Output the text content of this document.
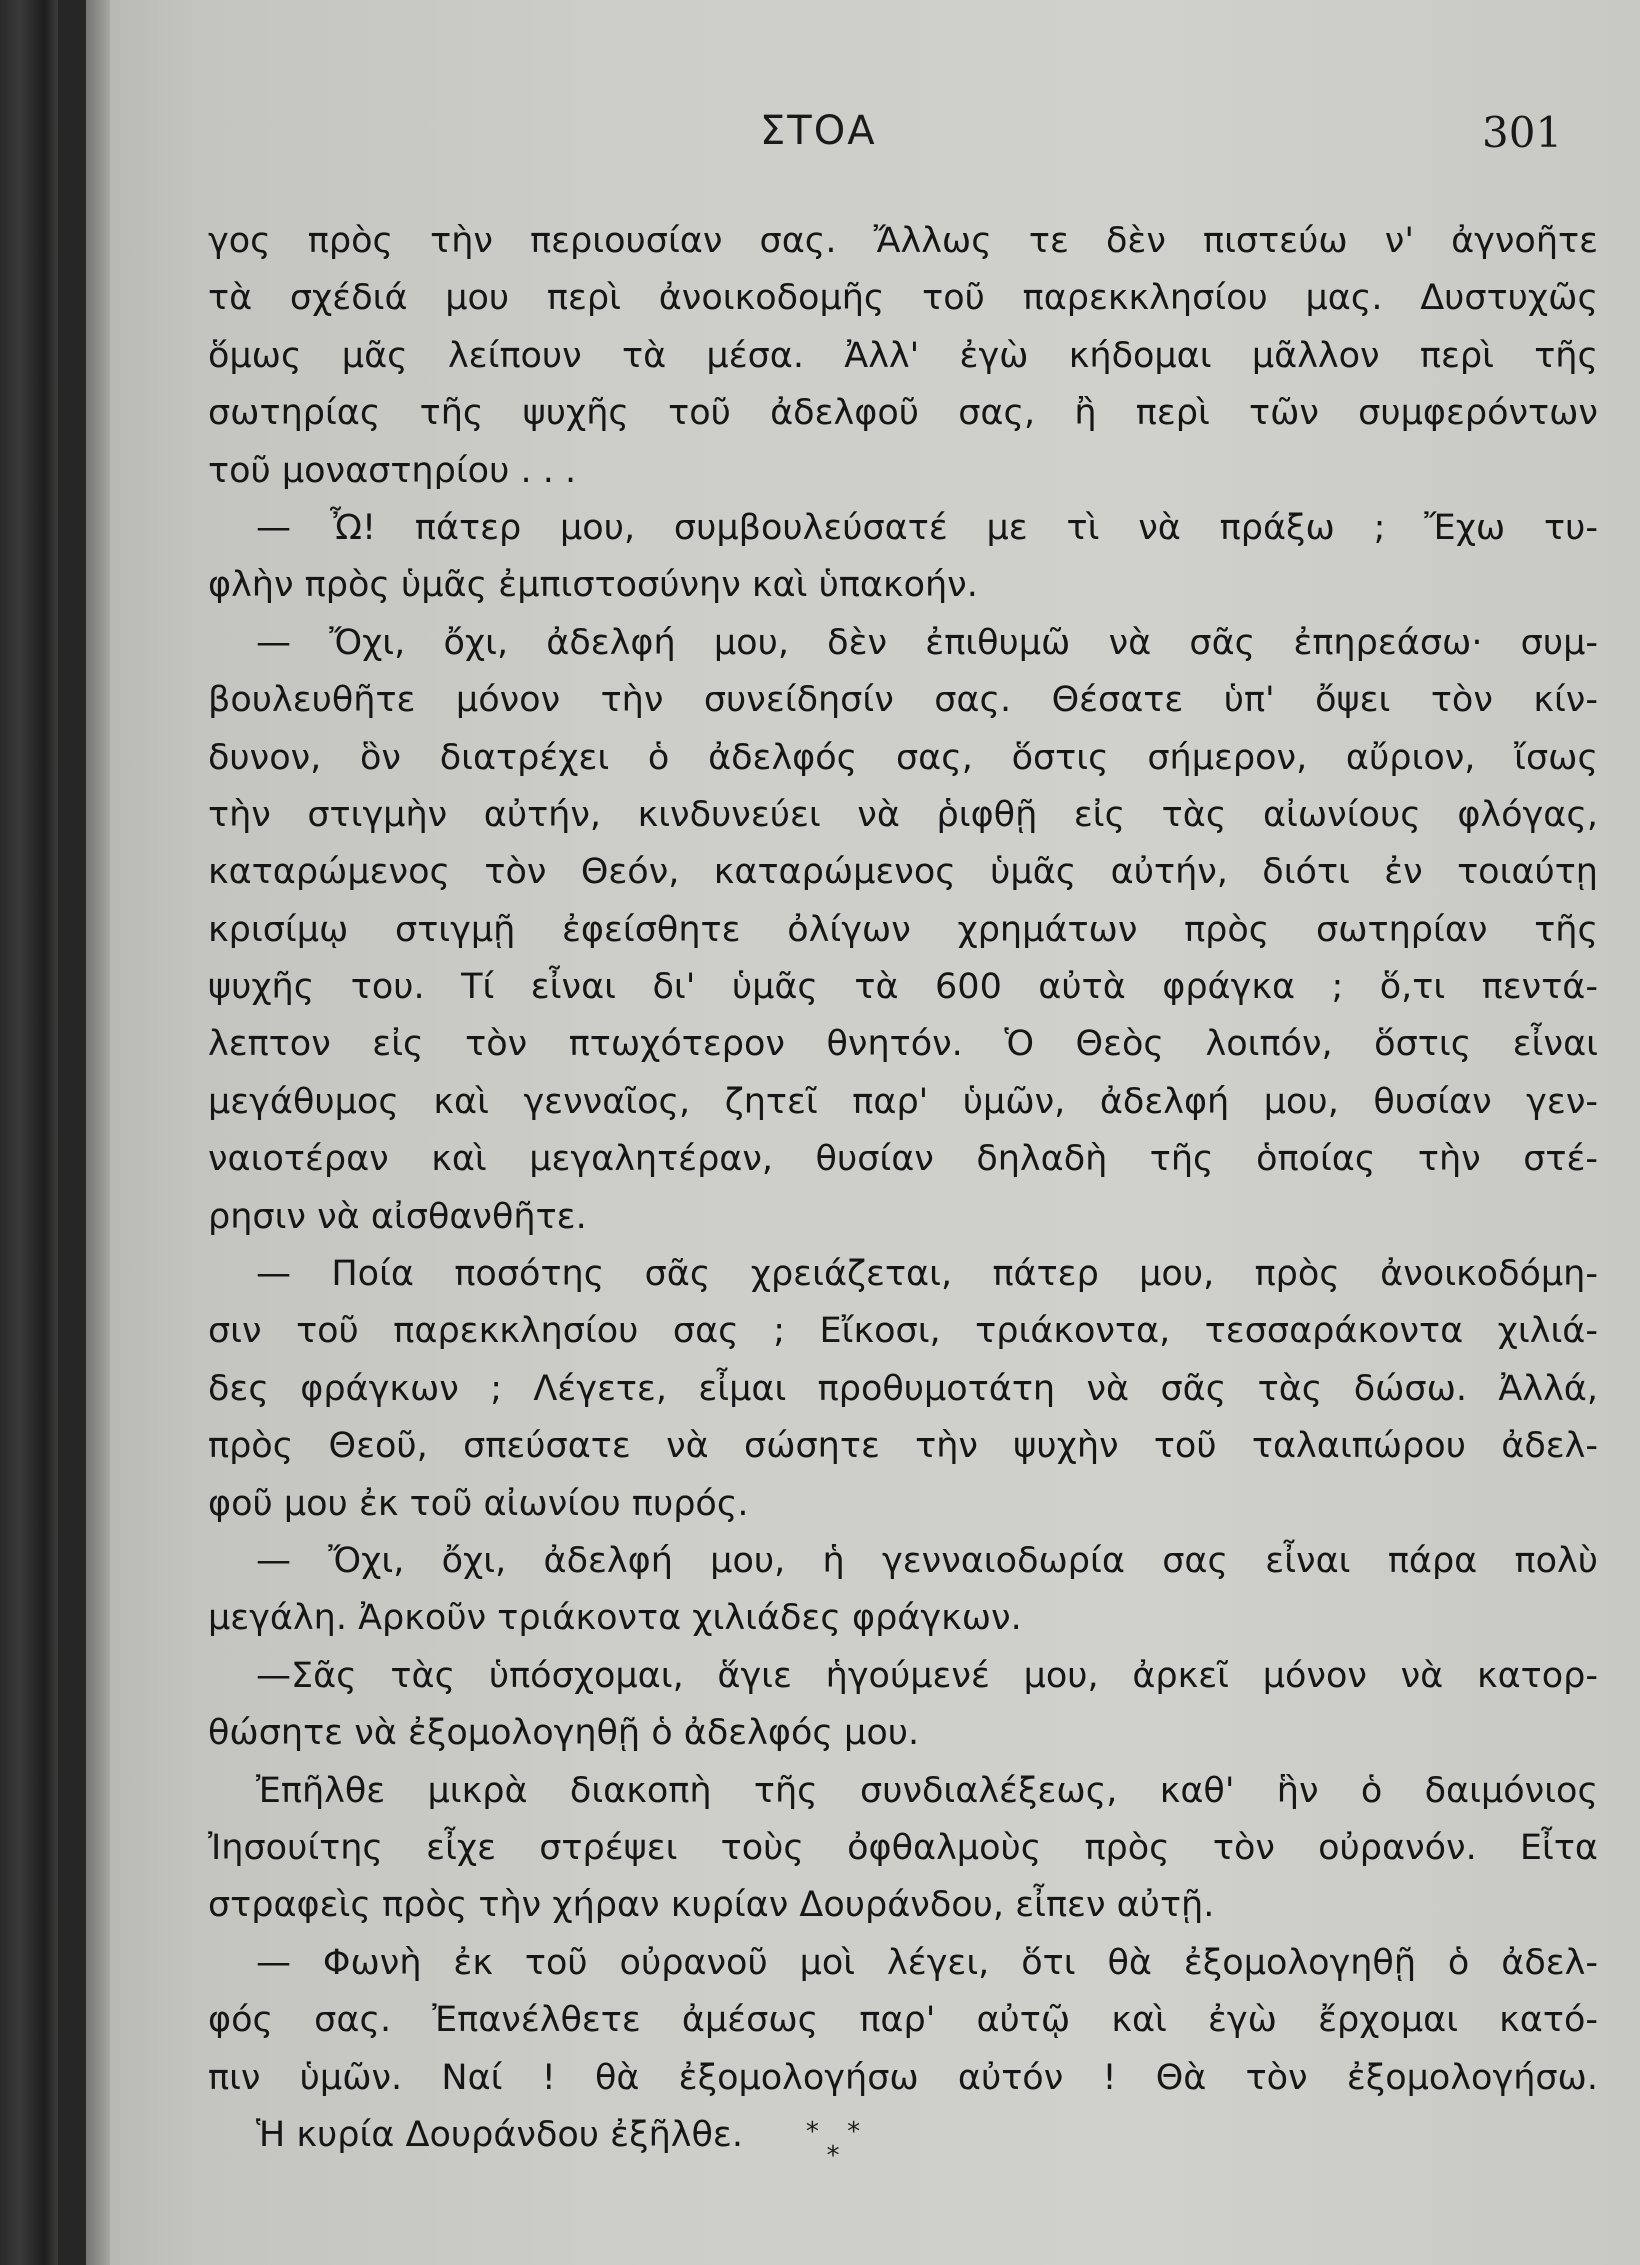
ΣΤΟΑ	301
γος πρὸς τὴν περιουσίαν σας. Ἄλλως τε δὲν πιστεύω ν' ἀγνοῆτε
τὰ σχέδιά μου περὶ ἀνοικοδομῆς τοῦ παρεκκλησίου μας. Δυστυχῶς
ὅμως μᾶς λείπουν τὰ μέσα. Ἀλλ' ἐγὼ κήδομαι μᾶλλον περὶ τῆς
σωτηρίας τῆς ψυχῆς τοῦ ἀδελφοῦ σας, ἢ περὶ τῶν συμφερόντων
τοῦ μοναστηρίου . . .
— Ὦ! πάτερ μου, συμβουλεύσατέ με τὶ νὰ πράξω ; Ἔχω τυ-
φλὴν πρὸς ὑμᾶς ἐμπιστοσύνην καὶ ὑπακοήν.
— Ὄχι, ὄχι, ἀδελφή μου, δὲν ἐπιθυμῶ νὰ σᾶς ἐπηρεάσω· συμ-
βουλευθῆτε μόνον τὴν συνείδησίν σας. Θέσατε ὑπ' ὄψει τὸν κίν-
δυνον, ὃν διατρέχει ὁ ἀδελφός σας, ὅστις σήμερον, αὔριον, ἴσως
τὴν στιγμὴν αὐτήν, κινδυνεύει νὰ ῥιφθῇ εἰς τὰς αἰωνίους φλόγας,
καταρώμενος τὸν Θεόν, καταρώμενος ὑμᾶς αὐτήν, διότι ἐν τοιαύτῃ
κρισίμῳ στιγμῇ ἐφείσθητε ὀλίγων χρημάτων πρὸς σωτηρίαν τῆς
ψυχῆς του. Τί εἶναι δι' ὑμᾶς τὰ 600 αὐτὰ φράγκα ; ὅ,τι πεντά-
λεπτον εἰς τὸν πτωχότερον θνητόν. Ὁ Θεὸς λοιπόν, ὅστις εἶναι
μεγάθυμος καὶ γενναῖος, ζητεῖ παρ' ὑμῶν, ἀδελφή μου, θυσίαν γεν-
ναιοτέραν καὶ μεγαλητέραν, θυσίαν δηλαδὴ τῆς ὁποίας τὴν στέ-
ρησιν νὰ αἰσθανθῆτε.
— Ποία ποσότης σᾶς χρειάζεται, πάτερ μου, πρὸς ἀνοικοδόμη-
σιν τοῦ παρεκκλησίου σας ; Εἴκοσι, τριάκοντα, τεσσαράκοντα χιλιά-
δες φράγκων ; Λέγετε, εἶμαι προθυμοτάτη νὰ σᾶς τὰς δώσω. Ἀλλά,
πρὸς Θεοῦ, σπεύσατε νὰ σώσητε τὴν ψυχὴν τοῦ ταλαιπώρου ἀδελ-
φοῦ μου ἐκ τοῦ αἰωνίου πυρός.
— Ὄχι, ὄχι, ἀδελφή μου, ἡ γενναιοδωρία σας εἶναι πάρα πολὺ
μεγάλη. Ἀρκοῦν τριάκοντα χιλιάδες φράγκων.
—Σᾶς τὰς ὑπόσχομαι, ἅγιε ἡγούμενέ μου, ἀρκεῖ μόνον νὰ κατορ-
θώσητε νὰ ἐξομολογηθῇ ὁ ἀδελφός μου.
Ἐπῆλθε μικρὰ διακοπὴ τῆς συνδιαλέξεως, καθ' ἣν ὁ δαιμόνιος
Ἰησουίτης εἶχε στρέψει τοὺς ὀφθαλμοὺς πρὸς τὸν οὐρανόν. Εἶτα
στραφεὶς πρὸς τὴν χήραν κυρίαν Δουράνδου, εἶπεν αὐτῇ.
— Φωνὴ ἐκ τοῦ οὐρανοῦ μοὶ λέγει, ὅτι θὰ ἐξομολογηθῇ ὁ ἀδελ-
φός σας. Ἐπανέλθετε ἀμέσως παρ' αὐτῷ καὶ ἐγὼ ἔρχομαι κατό-
πιν ὑμῶν. Ναί ! θὰ ἐξομολογήσω αὐτόν ! Θὰ τὸν ἐξομολογήσω.
Ἡ κυρία Δουράνδου ἐξῆλθε.	* *
*
